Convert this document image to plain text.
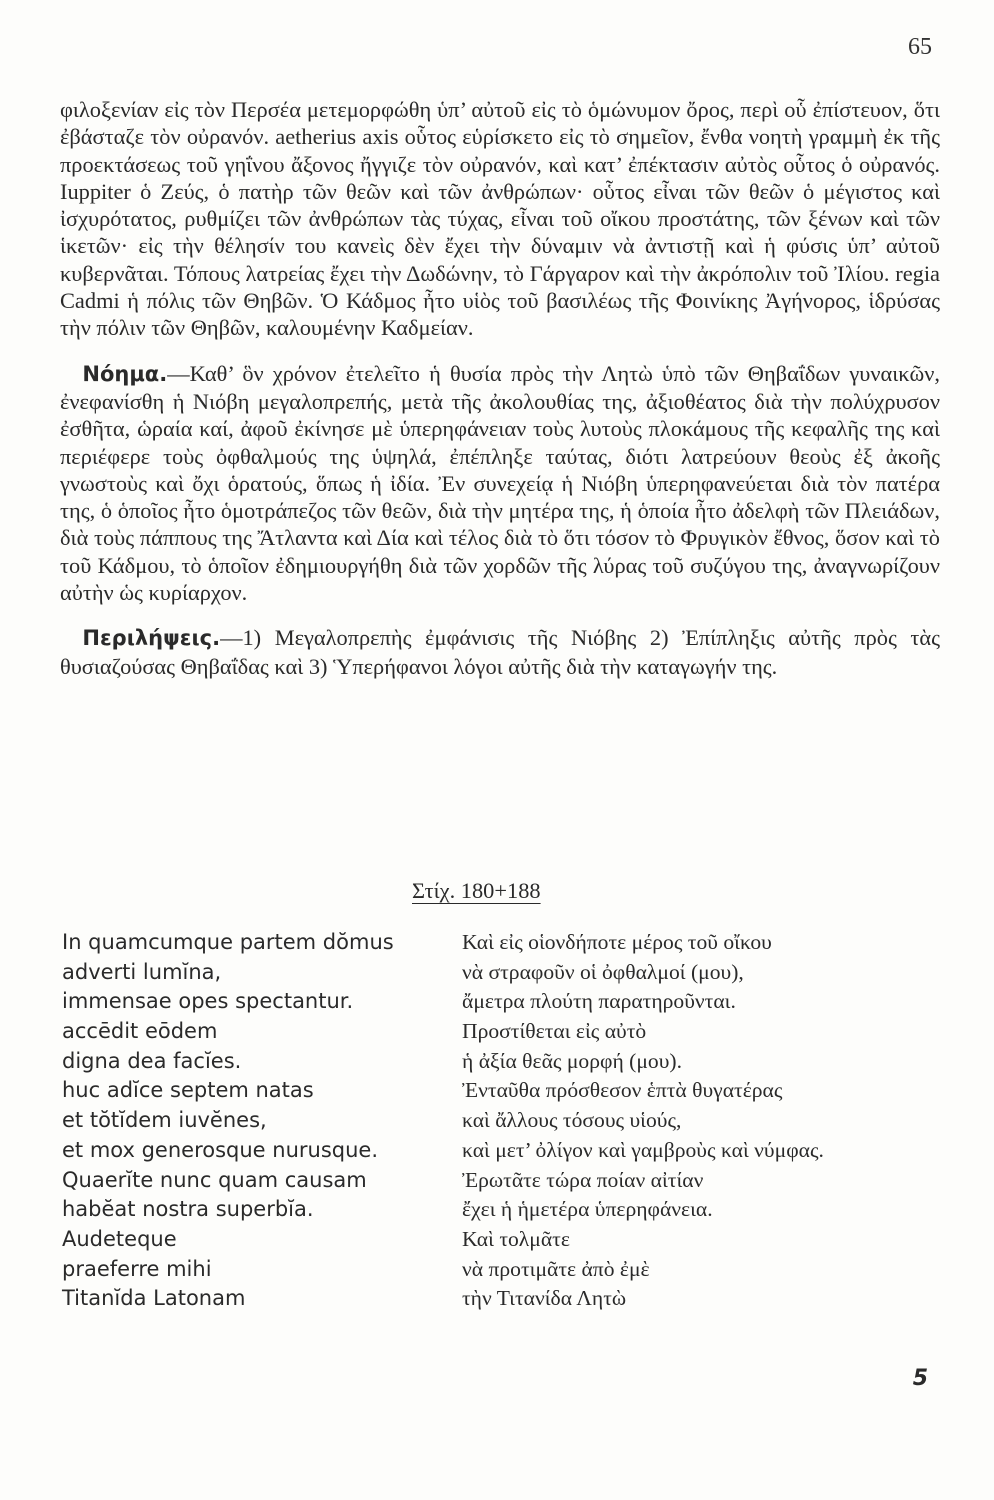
65

φιλοξενίαν εἰς τὸν Περσέα μετεμορφώθη ὑπ’ αὐτοῦ εἰς τὸ ὁμώνυμον ὄρος, περὶ οὗ ἐπίστευον, ὅτι ἐβάσταζε τὸν οὐρανόν. aetherius axis οὗτος εὑρίσκετο εἰς τὸ σημεῖον, ἔνθα νοητὴ γραμμὴ ἐκ τῆς προεκτάσεως τοῦ γηΐνου ἄξονος ἤγγιζε τὸν οὐρανόν, καὶ κατ’ ἐπέκτασιν αὐτὸς οὗτος ὁ οὐρανός. Iuppiter ὁ Ζεύς, ὁ πατὴρ τῶν θεῶν καὶ τῶν ἀνθρώπων· οὗτος εἶναι τῶν θεῶν ὁ μέγιστος καὶ ἰσχυρότατος, ρυθμίζει τῶν ἀνθρώπων τὰς τύχας, εἶναι τοῦ οἴκου προστάτης, τῶν ξένων καὶ τῶν ἱκετῶν· εἰς τὴν θέλησίν του κανεὶς δὲν ἔχει τὴν δύναμιν νὰ ἀντιστῇ καὶ ἡ φύσις ὑπ’ αὐτοῦ κυβερνᾶται. Τόπους λατρείας ἔχει τὴν Δωδώνην, τὸ Γάργαρον καὶ τὴν ἀκρόπολιν τοῦ Ἰλίου. regia Cadmi ἡ πόλις τῶν Θηβῶν. Ὁ Κάδμος ἦτο υἱὸς τοῦ βασιλέως τῆς Φοινίκης Ἀγήνορος, ἱδρύσας τὴν πόλιν τῶν Θηβῶν, καλουμένην Καδμείαν.

Νόημα.—Καθ’ ὃν χρόνον ἐτελεῖτο ἡ θυσία πρὸς τὴν Λητὼ ὑπὸ τῶν Θηβαΐδων γυναικῶν, ἐνεφανίσθη ἡ Νιόβη μεγαλοπρεπής, μετὰ τῆς ἀκολουθίας της, ἀξιοθέατος διὰ τὴν πολύχρυσον ἐσθῆτα, ὡραία καί, ἀφοῦ ἐκίνησε μὲ ὑπερηφάνειαν τοὺς λυτοὺς πλοκάμους τῆς κεφαλῆς της καὶ περιέφερε τοὺς ὀφθαλμούς της ὑψηλά, ἐπέπληξε ταύτας, διότι λατρεύουν θεοὺς ἐξ ἀκοῆς γνωστοὺς καὶ ὄχι ὁρατούς, ὅπως ἡ ἰδία. Ἐν συνεχείᾳ ἡ Νιόβη ὑπερηφανεύεται διὰ τὸν πατέρα της, ὁ ὁποῖος ἦτο ὁμοτράπεζος τῶν θεῶν, διὰ τὴν μητέρα της, ἡ ὁποία ἦτο ἀδελφὴ τῶν Πλειάδων, διὰ τοὺς πάππους της Ἄτλαντα καὶ Δία καὶ τέλος διὰ τὸ ὅτι τόσον τὸ Φρυγικὸν ἔθνος, ὅσον καὶ τὸ τοῦ Κάδμου, τὸ ὁποῖον ἐδημιουργήθη διὰ τῶν χορδῶν τῆς λύρας τοῦ συζύγου της, ἀναγνωρίζουν αὐτὴν ὡς κυρίαρχον.

Περιλήψεις.—1) Μεγαλοπρεπὴς ἐμφάνισις τῆς Νιόβης 2) Ἐπίπληξις αὐτῆς πρὸς τὰς θυσιαζούσας Θηβαΐδας καὶ 3) Ὑπερήφανοι λόγοι αὐτῆς διὰ τὴν καταγωγήν της.

Στίχ. 180+188
In quamcumque partem dŏmus	Καὶ εἰς οἱονδήποτε μέρος τοῦ οἴκου
adverti lumĭna,	νὰ στραφοῦν οἱ ὀφθαλμοί (μου),
immensae opes spectantur.	ἄμετρα πλούτη παρατηροῦνται.
accēdit eōdem	Προστίθεται εἰς αὐτὸ
digna dea facĭes.	ἡ ἀξία θεᾶς μορφή (μου).
huc adĭce septem natas	Ἐνταῦθα πρόσθεσον ἑπτὰ θυγατέρας
et tŏtĭdem iuvĕnes,	καὶ ἄλλους τόσους υἱούς,
et mox generosque nurusque.	καὶ μετ’ ὀλίγον καὶ γαμβροὺς καὶ νύμφας.
Quaerĭte nunc quam causam	Ἐρωτᾶτε τώρα ποίαν αἰτίαν
habĕat nostra superbĭa.	ἔχει ἡ ἡμετέρα ὑπερηφάνεια.
Audeteque	Καὶ τολμᾶτε
praeferre mihi	νὰ προτιμᾶτε ἀπὸ ἐμὲ
Titanĭda Latonam	τὴν Τιτανίδα Λητὼ
5
